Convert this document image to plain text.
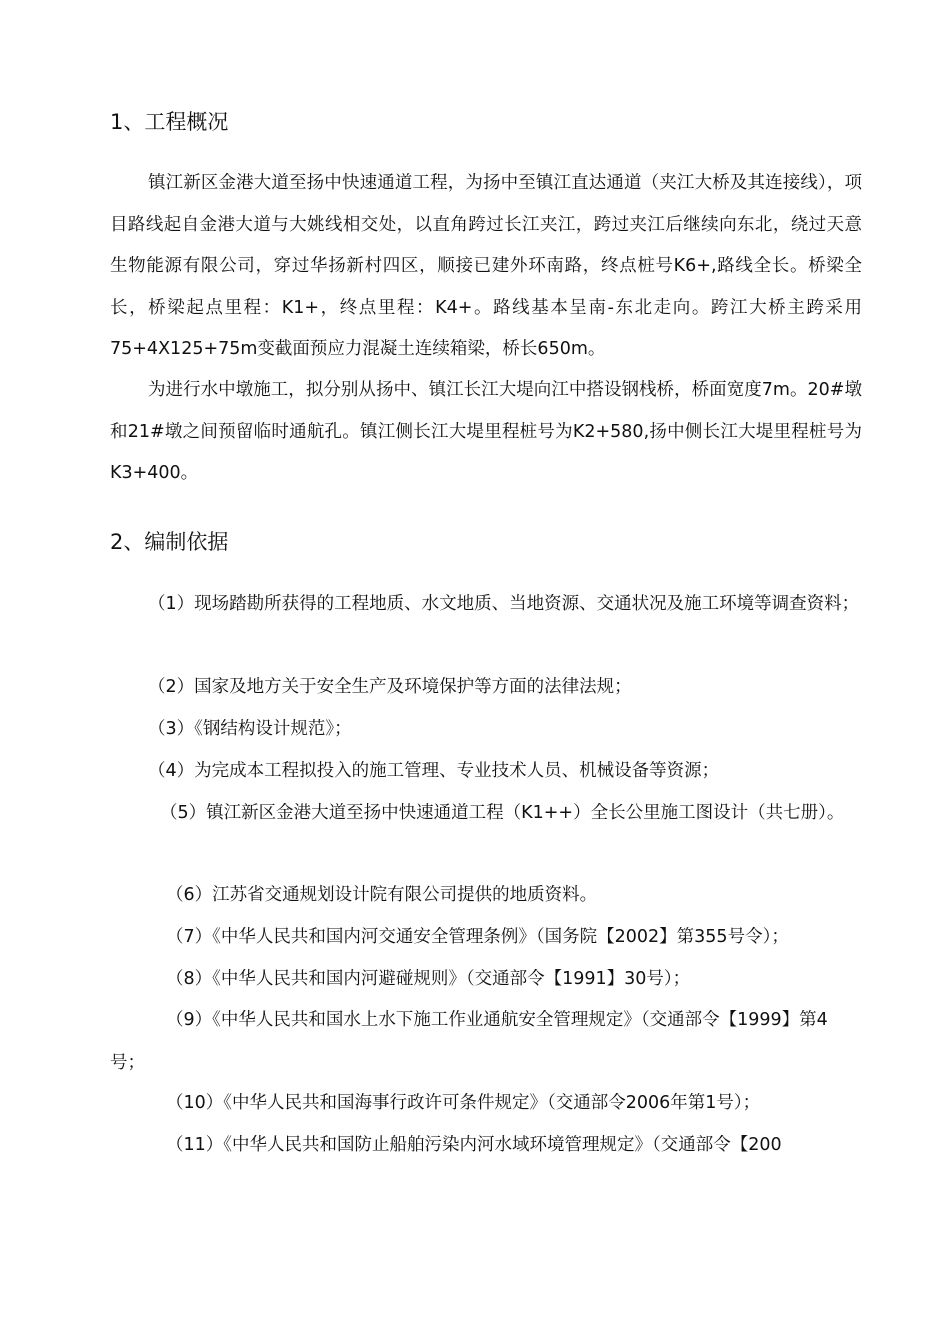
1、工程概况

镇江新区金港大道至扬中快速通道工程，为扬中至镇江直达通道（夹江大桥及其连接线），项目路线起自金港大道与大姚线相交处，以直角跨过长江夹江，跨过夹江后继续向东北，绕过天意生物能源有限公司，穿过华扬新村四区，顺接已建外环南路，终点桩号K6+,路线全长。桥梁全长，桥梁起点里程：K1+，终点里程：K4+。路线基本呈南-东北走向。跨江大桥主跨采用75+4X125+75m变截面预应力混凝土连续箱梁，桥长650m。

为进行水中墩施工，拟分别从扬中、镇江长江大堤向江中搭设钢栈桥，桥面宽度7m。20#墩和21#墩之间预留临时通航孔。镇江侧长江大堤里程桩号为K2+580,扬中侧长江大堤里程桩号为K3+400。

2、编制依据

（1）现场踏勘所获得的工程地质、水文地质、当地资源、交通状况及施工环境等调查资料；

（2）国家及地方关于安全生产及环境保护等方面的法律法规；

（3）《钢结构设计规范》；

（4）为完成本工程拟投入的施工管理、专业技术人员、机械设备等资源；

（5）镇江新区金港大道至扬中快速通道工程（K1++）全长公里施工图设计（共七册）。

（6）江苏省交通规划设计院有限公司提供的地质资料。

（7）《中华人民共和国内河交通安全管理条例》（国务院【2002】第355号令）；

（8）《中华人民共和国内河避碰规则》（交通部令【1991】30号）；

（9）《中华人民共和国水上水下施工作业通航安全管理规定》（交通部令【1999】第4号；

（10）《中华人民共和国海事行政许可条件规定》（交通部令2006年第1号）；

（11）《中华人民共和国防止船舶污染内河水域环境管理规定》（交通部令【200
